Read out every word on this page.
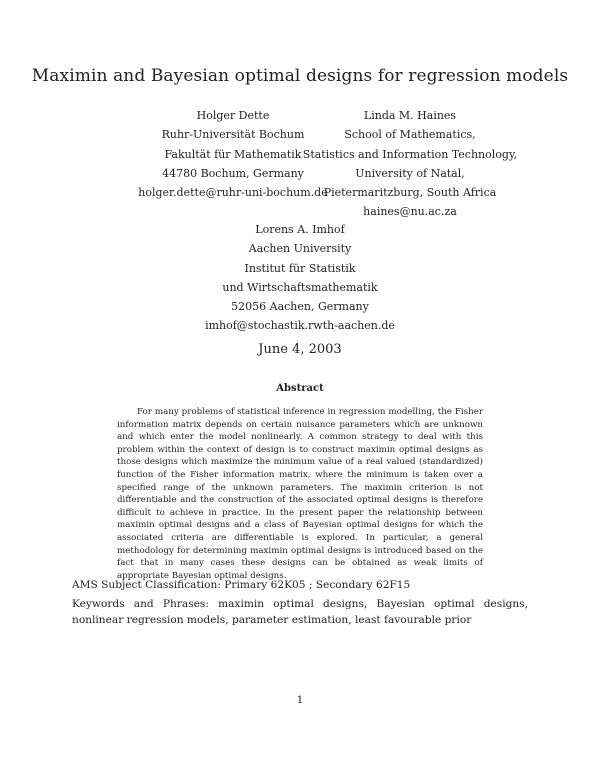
Maximin and Bayesian optimal designs for regression models
Holger Dette
Ruhr-Universität Bochum
Fakultät für Mathematik
44780 Bochum, Germany
holger.dette@ruhr-uni-bochum.de
Linda M. Haines
School of Mathematics,
Statistics and Information Technology,
University of Natal,
Pietermaritzburg, South Africa
haines@nu.ac.za
Lorens A. Imhof
Aachen University
Institut für Statistik
und Wirtschaftsmathematik
52056 Aachen, Germany
imhof@stochastik.rwth-aachen.de
June 4, 2003
Abstract

For many problems of statistical inference in regression modelling, the Fisher information matrix depends on certain nuisance parameters which are unknown and which enter the model nonlinearly. A common strategy to deal with this problem within the context of design is to construct maximin optimal designs as those designs which maximize the minimum value of a real valued (standardized) function of the Fisher information matrix, where the minimum is taken over a specified range of the unknown parameters. The maximin criterion is not differentiable and the construction of the associated optimal designs is therefore difficult to achieve in practice. In the present paper the relationship between maximin optimal designs and a class of Bayesian optimal designs for which the associated criteria are differentiable is explored. In particular, a general methodology for determining maximin optimal designs is introduced based on the fact that in many cases these designs can be obtained as weak limits of appropriate Bayesian optimal designs.

AMS Subject Classification: Primary 62K05 ; Secondary 62F15
Keywords and Phrases: maximin optimal designs, Bayesian optimal designs, nonlinear regression models, parameter estimation, least favourable prior
1
